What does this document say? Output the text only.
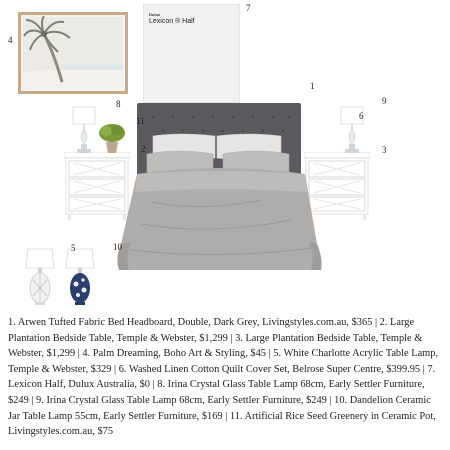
Dulux
Lexicon ® Half
1
2	3
4
5
6
7
8	9
10
11
1. Arwen Tufted Fabric Bed Headboard, Double, Dark Grey, Livingstyles.com.au, $365 | 2. Large Plantation Bedside Table, Temple & Webster, $1,299 | 3. Large Plantation Bedside Table, Temple & Webster, $1,299 | 4. Palm Dreaming, Boho Art & Styling, $45 | 5. White Charlotte Acrylic Table Lamp, Temple & Webster, $329 | 6. Washed Linen Cotton Quilt Cover Set, Belrose Super Centre, $399.95 | 7. Lexicon Half, Dulux Australia, $0 | 8. Irina Crystal Glass Table Lamp 68cm, Early Settler Furniture, $249 | 9. Irina Crystal Glass Table Lamp 68cm, Early Settler Furniture, $249 | 10. Dandelion Ceramic Jar Table Lamp 55cm, Early Settler Furniture, $169 | 11. Artificial Rice Seed Greenery in Ceramic Pot, Livingstyles.com.au, $75
